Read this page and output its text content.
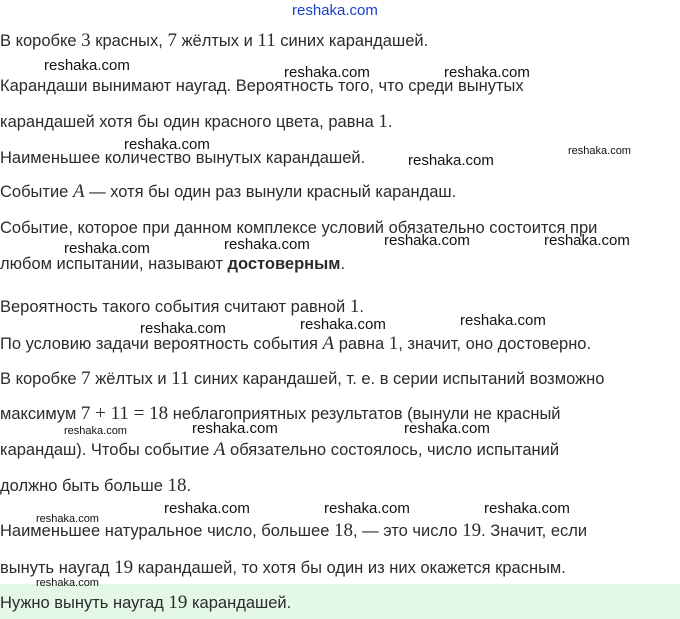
reshaka.com
В коробке 3 красных, 7 жёлтых и 11 синих карандашей.
Карандаши вынимают наугад. Вероятность того, что среди вынутых
карандашей хотя бы один красного цвета, равна 1.
Наименьшее количество вынутых карандашей.
Событие A — хотя бы один раз вынули красный карандаш.
Событие, которое при данном комплексе условий обязательно состоится при
любом испытании, называют достоверным.
Вероятность такого события считают равной 1.
По условию задачи вероятность события A равна 1, значит, оно достоверно.
В коробке 7 жёлтых и 11 синих карандашей, т. е. в серии испытаний возможно
максимум 7 + 11 = 18 неблагоприятных результатов (вынули не красный
карандаш). Чтобы событие A обязательно состоялось, число испытаний
должно быть больше 18.
Наименьшее натуральное число, большее 18, — это число 19. Значит, если
вынуть наугад 19 карандашей, то хотя бы один из них окажется красным.
Нужно вынуть наугад 19 карандашей.
reshaka.com	reshaka.com	reshaka.com
reshaka.com	reshaka.com
reshaka.com
reshaka.com	reshaka.com	reshaka.com
reshaka.com
reshaka.com
reshaka.com
reshaka.com
reshaka.com	reshaka.com	reshaka.com
reshaka.com	reshaka.com	reshaka.com
reshaka.com
reshaka.com
